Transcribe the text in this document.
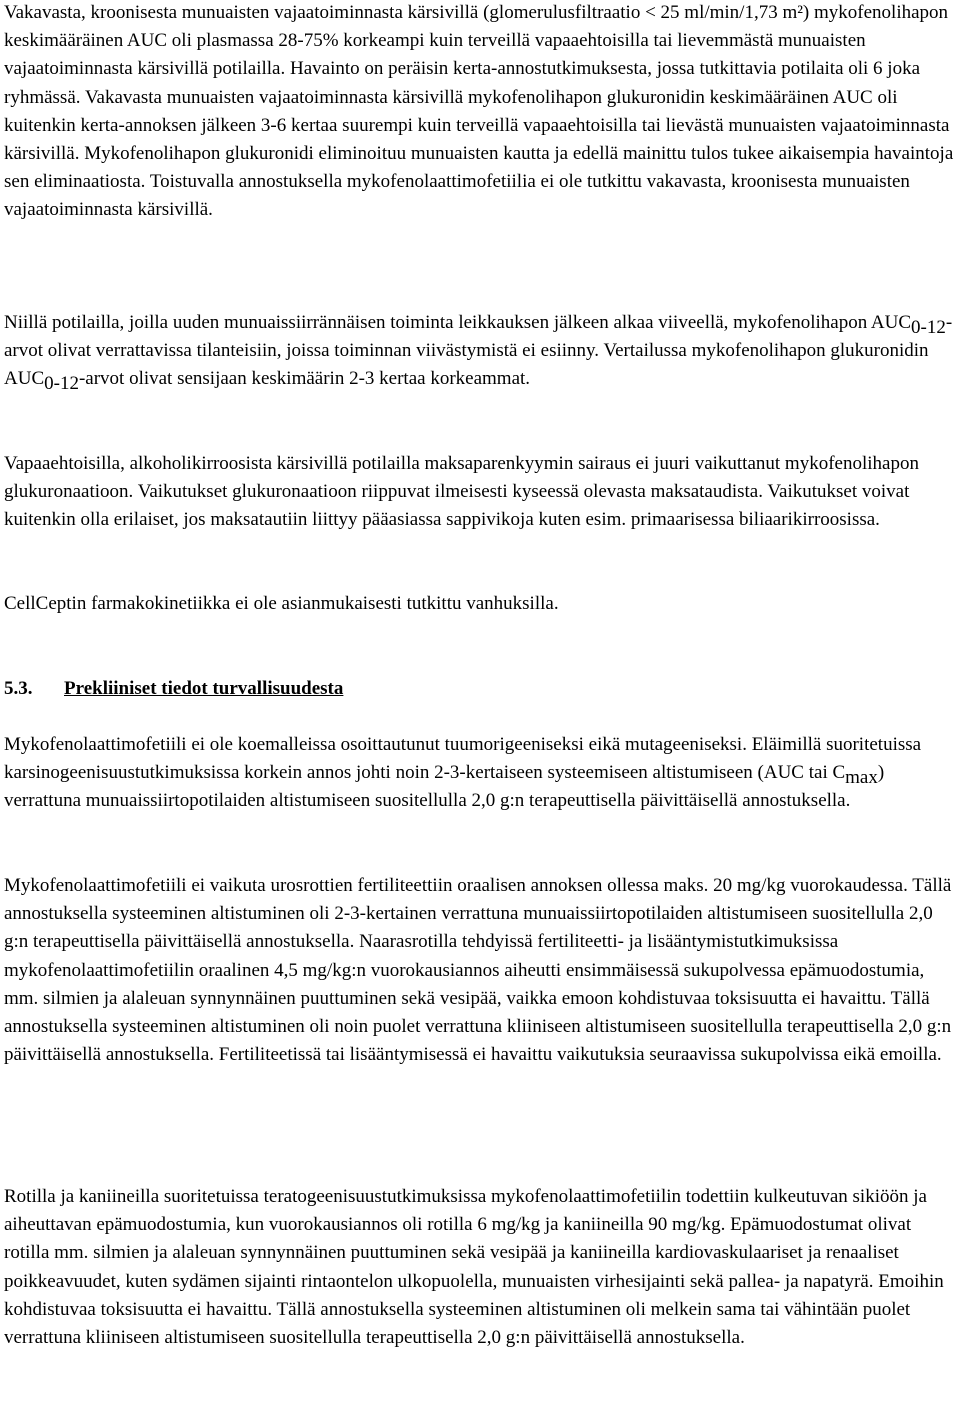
Vakavasta, kroonisesta munuaisten vajaatoiminnasta kärsivillä (glomerulusfiltraatio < 25 ml/min/1,73 m²) mykofenolihapon keskimääräinen AUC oli plasmassa 28-75% korkeampi kuin terveillä vapaaehtoisilla tai lievemmästä munuaisten vajaatoiminnasta kärsivillä potilailla. Havainto on peräisin kerta-annostutkimuksesta, jossa tutkittavia potilaita oli 6 joka ryhmässä. Vakavasta munuaisten vajaatoiminnasta kärsivillä mykofenolihapon glukuronidin keskimääräinen AUC oli kuitenkin kerta-annoksen jälkeen 3-6 kertaa suurempi kuin terveillä vapaaehtoisilla tai lievästä munuaisten vajaatoiminnasta kärsivillä. Mykofenolihapon glukuronidi eliminoituu munuaisten kautta ja edellä mainittu tulos tukee aikaisempia havaintoja sen eliminaatiosta. Toistuvalla annostuksella mykofenolaattimofetiilia ei ole tutkittu vakavasta, kroonisesta munuaisten vajaatoiminnasta kärsivillä.

Niillä potilailla, joilla uuden munuaissiirrännäisen toiminta leikkauksen jälkeen alkaa viiveellä, mykofenolihapon AUC0-12-arvot olivat verrattavissa tilanteisiin, joissa toiminnan viivästymistä ei esiinny. Vertailussa mykofenolihapon glukuronidin AUC0-12-arvot olivat sensijaan keskimäärin 2-3 kertaa korkeammat.

Vapaaehtoisilla, alkoholikirroosista kärsivillä potilailla maksaparenkyymin sairaus ei juuri vaikuttanut mykofenolihapon glukuronaatioon. Vaikutukset glukuronaatioon riippuvat ilmeisesti kyseessä olevasta maksataudista. Vaikutukset voivat kuitenkin olla erilaiset, jos maksatautiin liittyy pääasiassa sappivikoja kuten esim. primaarisessa biliaarikirroosissa.

CellCeptin farmakokinetiikka ei ole asianmukaisesti tutkittu vanhuksilla.

5.3. Prekliiniset tiedot turvallisuudesta

Mykofenolaattimofetiili ei ole koemalleissa osoittautunut tuumorigeeniseksi eikä mutageeniseksi. Eläimillä suoritetuissa karsinogeenisuustutkimuksissa korkein annos johti noin 2-3-kertaiseen systeemiseen altistumiseen (AUC tai Cmax) verrattuna munuaissiirtopotilaiden altistumiseen suositellulla 2,0 g:n terapeuttisella päivittäisellä annostuksella.

Mykofenolaattimofetiili ei vaikuta urosrottien fertiliteettiin oraalisen annoksen ollessa maks. 20 mg/kg vuorokaudessa. Tällä annostuksella systeeminen altistuminen oli 2-3-kertainen verrattuna munuaissiirtopotilaiden altistumiseen suositellulla 2,0 g:n terapeuttisella päivittäisellä annostuksella. Naarasrotilla tehdyissä fertiliteetti- ja lisääntymistutkimuksissa mykofenolaattimofetiilin oraalinen 4,5 mg/kg:n vuorokausiannos aiheutti ensimmäisessä sukupolvessa epämuodostumia, mm. silmien ja alaleuan synnynnäinen puuttuminen sekä vesipää, vaikka emoon kohdistuvaa toksisuutta ei havaittu. Tällä annostuksella systeeminen altistuminen oli noin puolet verrattuna kliiniseen altistumiseen suositellulla terapeuttisella 2,0 g:n päivittäisellä annostuksella. Fertiliteetissä tai lisääntymisessä ei havaittu vaikutuksia seuraavissa sukupolvissa eikä emoilla.

Rotilla ja kaniineilla suoritetuissa teratogeenisuustutkimuksissa mykofenolaattimofetiilin todettiin kulkeutuvan sikiöön ja aiheuttavan epämuodostumia, kun vuorokausiannos oli rotilla 6 mg/kg ja kaniineilla 90 mg/kg. Epämuodostumat olivat rotilla mm. silmien ja alaleuan synnynnäinen puuttuminen sekä vesipää ja kaniineilla kardiovaskulaariset ja renaaliset poikkeavuudet, kuten sydämen sijainti rintaontelon ulkopuolella, munuaisten virhesijainti sekä pallea- ja napatyrä. Emoihin kohdistuvaa toksisuutta ei havaittu. Tällä annostuksella systeeminen altistuminen oli melkein sama tai vähintään puolet verrattuna kliiniseen altistumiseen suositellulla terapeuttisella 2,0 g:n päivittäisellä annostuksella.
